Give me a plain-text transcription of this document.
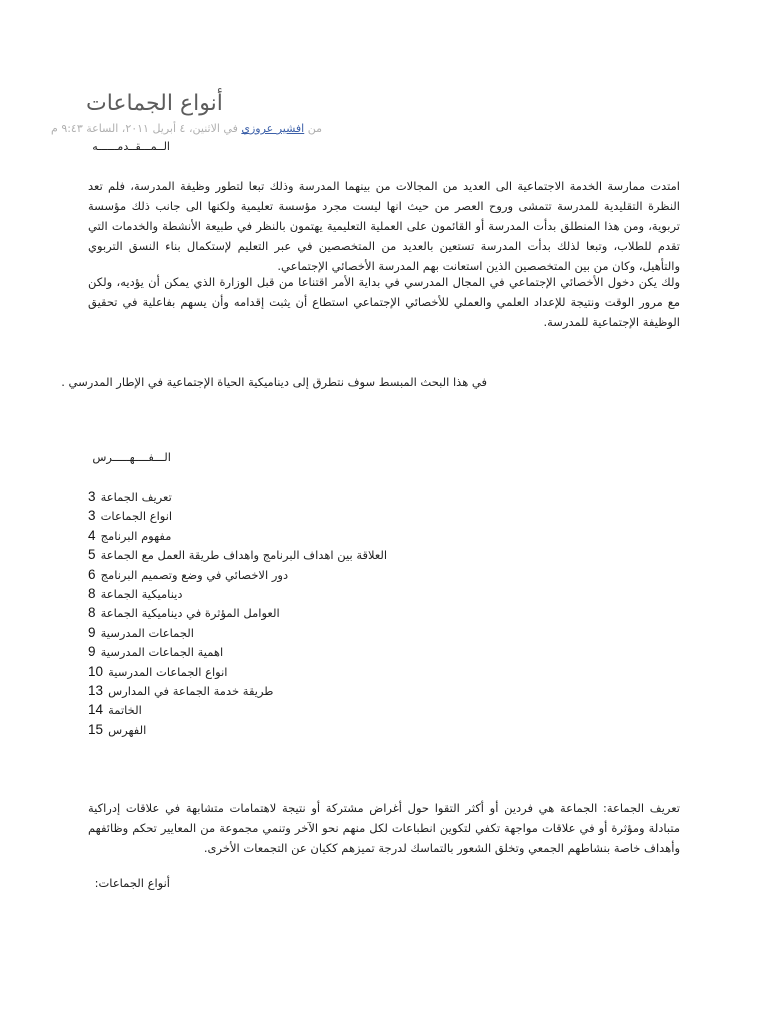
أنواع الجماعات
من افشير عروزي في الاثنين، ٤ أبريل ٢٠١١، الساعة ٩:٤٣ م
الــمـــقــدمــــــه

امتدت ممارسة الخدمة الاجتماعية الى العديد من المجالات من بينهما المدرسة وذلك تبعا لتطور وظيفة المدرسة، فلم تعد النظرة التقليدية للمدرسة تتمشى وروح العصر من حيث انها ليست مجرد مؤسسة تعليمية ولكنها الى جانب ذلك مؤسسة تربوية، ومن هذا المنطلق بدأت المدرسة أو القائمون على العملية التعليمية يهتمون بالنظر في طبيعة الأنشطة والخدمات التي تقدم للطلاب، وتبعا لذلك بدأت المدرسة تستعين بالعديد من المتخصصين في عبر التعليم لإستكمال بناء النسق التربوي والتأهيل، وكان من بين المتخصصين الذين استعانت بهم المدرسة الأخصائي الإجتماعي.

ولك يكن دخول الأخصائي الإجتماعي في المجال المدرسي في بداية الأمر اقتناعا من قبل الوزارة الذي يمكن أن يؤديه، ولكن مع مرور الوقت ونتيجة للإعداد العلمي والعملي للأخصائي الإجتماعي استطاع أن يثبت إقدامه وأن يسهم بفاعلية في تحقيق الوظيفة الإجتماعية للمدرسة.

في هذا البحث المبسط سوف نتطرق إلى ديناميكية الحياة الإجتماعية في الإطار المدرسي .

الـــفــــهـــــرس
تعريف الجماعة 3
انواع الجماعات 3
مفهوم البرنامج 4
العلاقة بين اهداف البرنامج واهداف طريقة العمل مع الجماعة 5
دور الاخصائي في وضع وتصميم البرنامج 6
ديناميكية الجماعة 8
العوامل المؤثرة في ديناميكية الجماعة 8
الجماعات المدرسية 9
اهمية الجماعات المدرسية 9
انواع الجماعات المدرسية 10
طريقة خدمة الجماعة في المدارس 13
الخاتمة 14
الفهرس 15

تعريف الجماعة: الجماعة هي فردين أو أكثر التقوا حول أغراض مشتركة أو نتيجة لاهتمامات متشابهة في علاقات إدراكية متبادلة ومؤثرة أو في علاقات مواجهة تكفي لتكوين انطباعات لكل منهم نحو الآخر وتنمي مجموعة من المعايير تحكم وظائفهم وأهداف خاصة بنشاطهم الجمعي وتخلق الشعور بالتماسك لدرجة تميزهم ككيان عن التجمعات الأخرى.

أنواع الجماعات:
